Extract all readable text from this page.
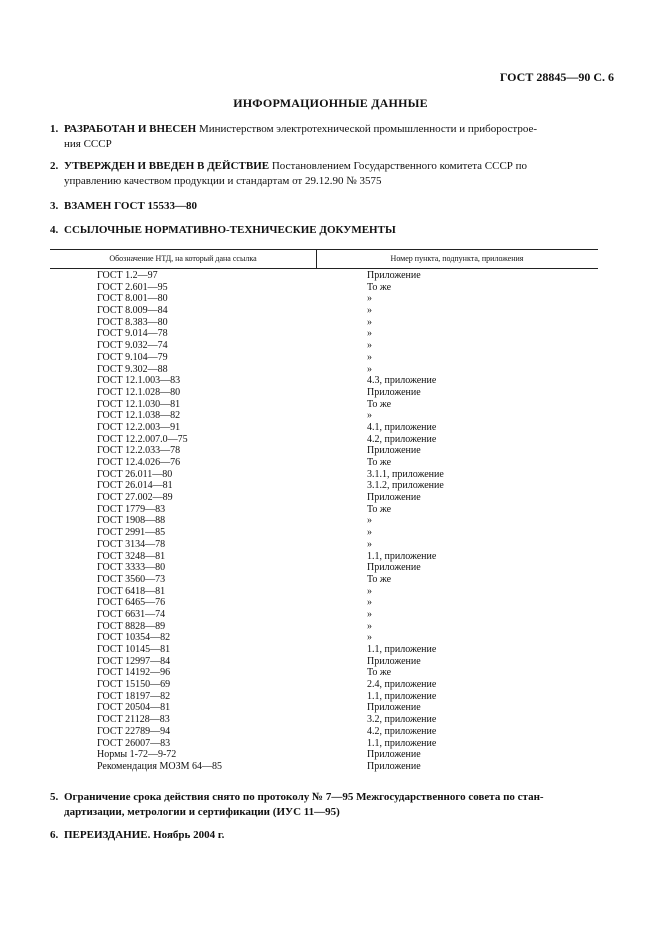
ГОСТ 28845—90 С. 6
ИНФОРМАЦИОННЫЕ ДАННЫЕ
1. РАЗРАБОТАН И ВНЕСЕН Министерством электротехнической промышленности и приборострое-
ния СССР
2. УТВЕРЖДЕН И ВВЕДЕН В ДЕЙСТВИЕ Постановлением Государственного комитета СССР по
управлению качеством продукции и стандартам от 29.12.90 № 3575
3. ВЗАМЕН ГОСТ 15533—80
4. ССЫЛОЧНЫЕ НОРМАТИВНО-ТЕХНИЧЕСКИЕ ДОКУМЕНТЫ
Обозначение НТД, на который дана ссылка	Номер пункта, подпункта, приложения
ГОСТ 1.2—97	Приложение
ГОСТ 2.601—95	То же
ГОСТ 8.001—80	»
ГОСТ 8.009—84	»
ГОСТ 8.383—80	»
ГОСТ 9.014—78	»
ГОСТ 9.032—74	»
ГОСТ 9.104—79	»
ГОСТ 9.302—88	»
ГОСТ 12.1.003—83	4.3, приложение
ГОСТ 12.1.028—80	Приложение
ГОСТ 12.1.030—81	То же
ГОСТ 12.1.038—82	»
ГОСТ 12.2.003—91	4.1, приложение
ГОСТ 12.2.007.0—75	4.2, приложение
ГОСТ 12.2.033—78	Приложение
ГОСТ 12.4.026—76	То же
ГОСТ 26.011—80	3.1.1, приложение
ГОСТ 26.014—81	3.1.2, приложение
ГОСТ 27.002—89	Приложение
ГОСТ 1779—83	То же
ГОСТ 1908—88	»
ГОСТ 2991—85	»
ГОСТ 3134—78	»
ГОСТ 3248—81	1.1, приложение
ГОСТ 3333—80	Приложение
ГОСТ 3560—73	То же
ГОСТ 6418—81	»
ГОСТ 6465—76	»
ГОСТ 6631—74	»
ГОСТ 8828—89	»
ГОСТ 10354—82	»
ГОСТ 10145—81	1.1, приложение
ГОСТ 12997—84	Приложение
ГОСТ 14192—96	То же
ГОСТ 15150—69	2.4, приложение
ГОСТ 18197—82	1.1, приложение
ГОСТ 20504—81	Приложение
ГОСТ 21128—83	3.2, приложение
ГОСТ 22789—94	4.2, приложение
ГОСТ 26007—83	1.1, приложение
Нормы 1-72—9-72	Приложение
Рекомендация МОЗМ 64—85	Приложение
5. Ограничение срока действия снято по протоколу № 7—95 Межгосударственного совета по стан-
дартизации, метрологии и сертификации (ИУС 11—95)
6. ПЕРЕИЗДАНИЕ. Ноябрь 2004 г.
